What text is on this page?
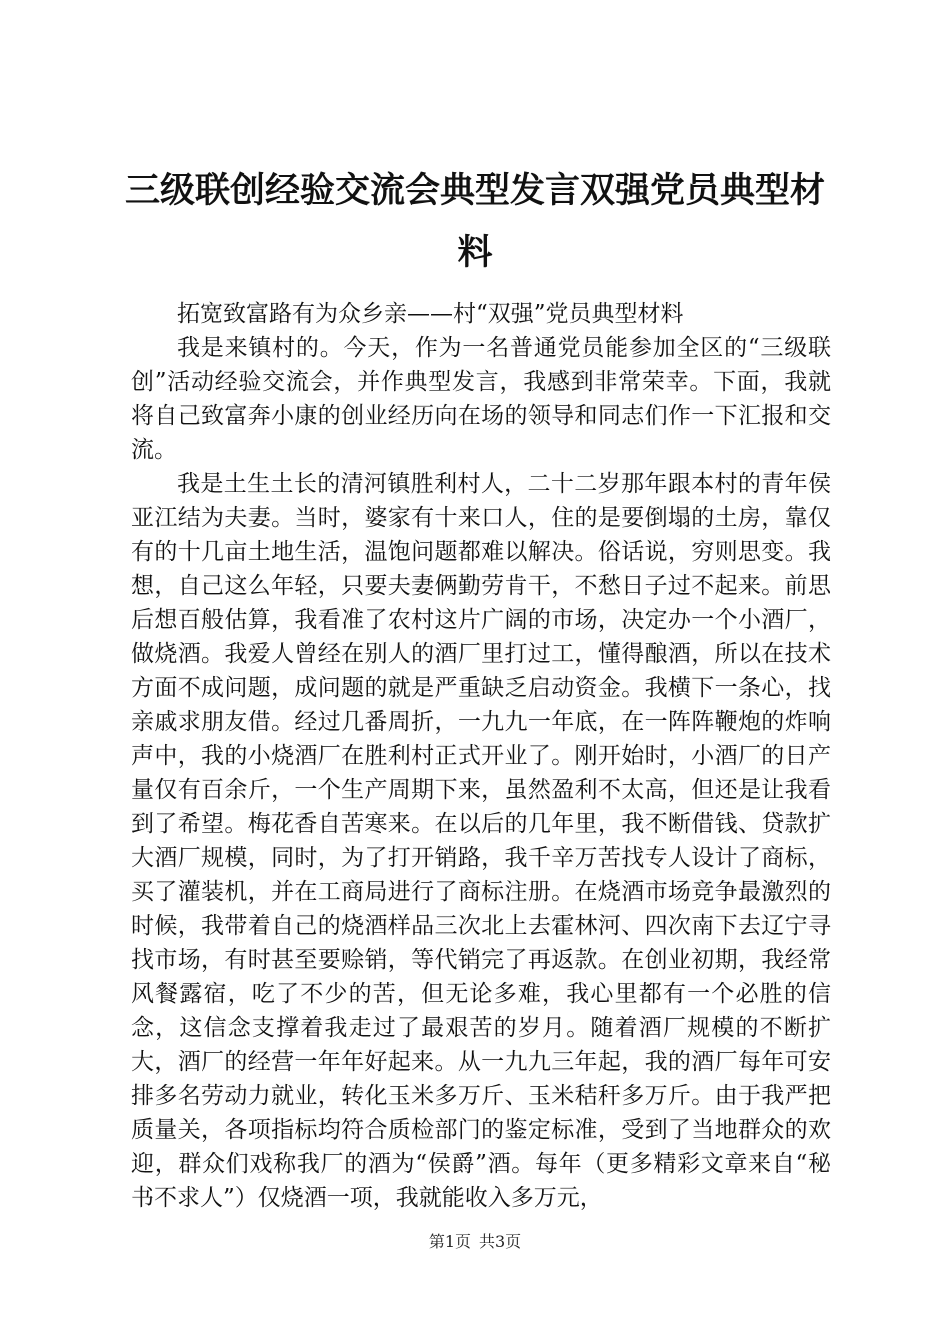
三级联创经验交流会典型发言双强党员典型材料

拓宽致富路有为众乡亲——村“双强”党员典型材料

我是来镇村的。今天，作为一名普通党员能参加全区的“三级联创”活动经验交流会，并作典型发言，我感到非常荣幸。下面，我就将自己致富奔小康的创业经历向在场的领导和同志们作一下汇报和交流。

我是土生土长的清河镇胜利村人，二十二岁那年跟本村的青年侯亚江结为夫妻。当时，婆家有十来口人，住的是要倒塌的土房，靠仅有的十几亩土地生活，温饱问题都难以解决。俗话说，穷则思变。我想，自己这么年轻，只要夫妻俩勤劳肯干，不愁日子过不起来。前思后想百般估算，我看准了农村这片广阔的市场，决定办一个小酒厂，做烧酒。我爱人曾经在别人的酒厂里打过工，懂得酿酒，所以在技术方面不成问题，成问题的就是严重缺乏启动资金。我横下一条心，找亲戚求朋友借。经过几番周折，一九九一年底，在一阵阵鞭炮的炸响声中，我的小烧酒厂在胜利村正式开业了。刚开始时，小酒厂的日产量仅有百余斤，一个生产周期下来，虽然盈利不太高，但还是让我看到了希望。梅花香自苦寒来。在以后的几年里，我不断借钱、贷款扩大酒厂规模，同时，为了打开销路，我千辛万苦找专人设计了商标，买了灌装机，并在工商局进行了商标注册。在烧酒市场竞争最激烈的时候，我带着自己的烧酒样品三次北上去霍林河、四次南下去辽宁寻找市场，有时甚至要赊销，等代销完了再返款。在创业初期，我经常风餐露宿，吃了不少的苦，但无论多难，我心里都有一个必胜的信念，这信念支撑着我走过了最艰苦的岁月。随着酒厂规模的不断扩大，酒厂的经营一年年好起来。从一九九三年起，我的酒厂每年可安排多名劳动力就业，转化玉米多万斤、玉米秸秆多万斤。由于我严把质量关，各项指标均符合质检部门的鉴定标准，受到了当地群众的欢迎，群众们戏称我厂的酒为“侯爵”酒。每年（更多精彩文章来自“秘书不求人”）仅烧酒一项，我就能收入多万元，

第1页 共3页
